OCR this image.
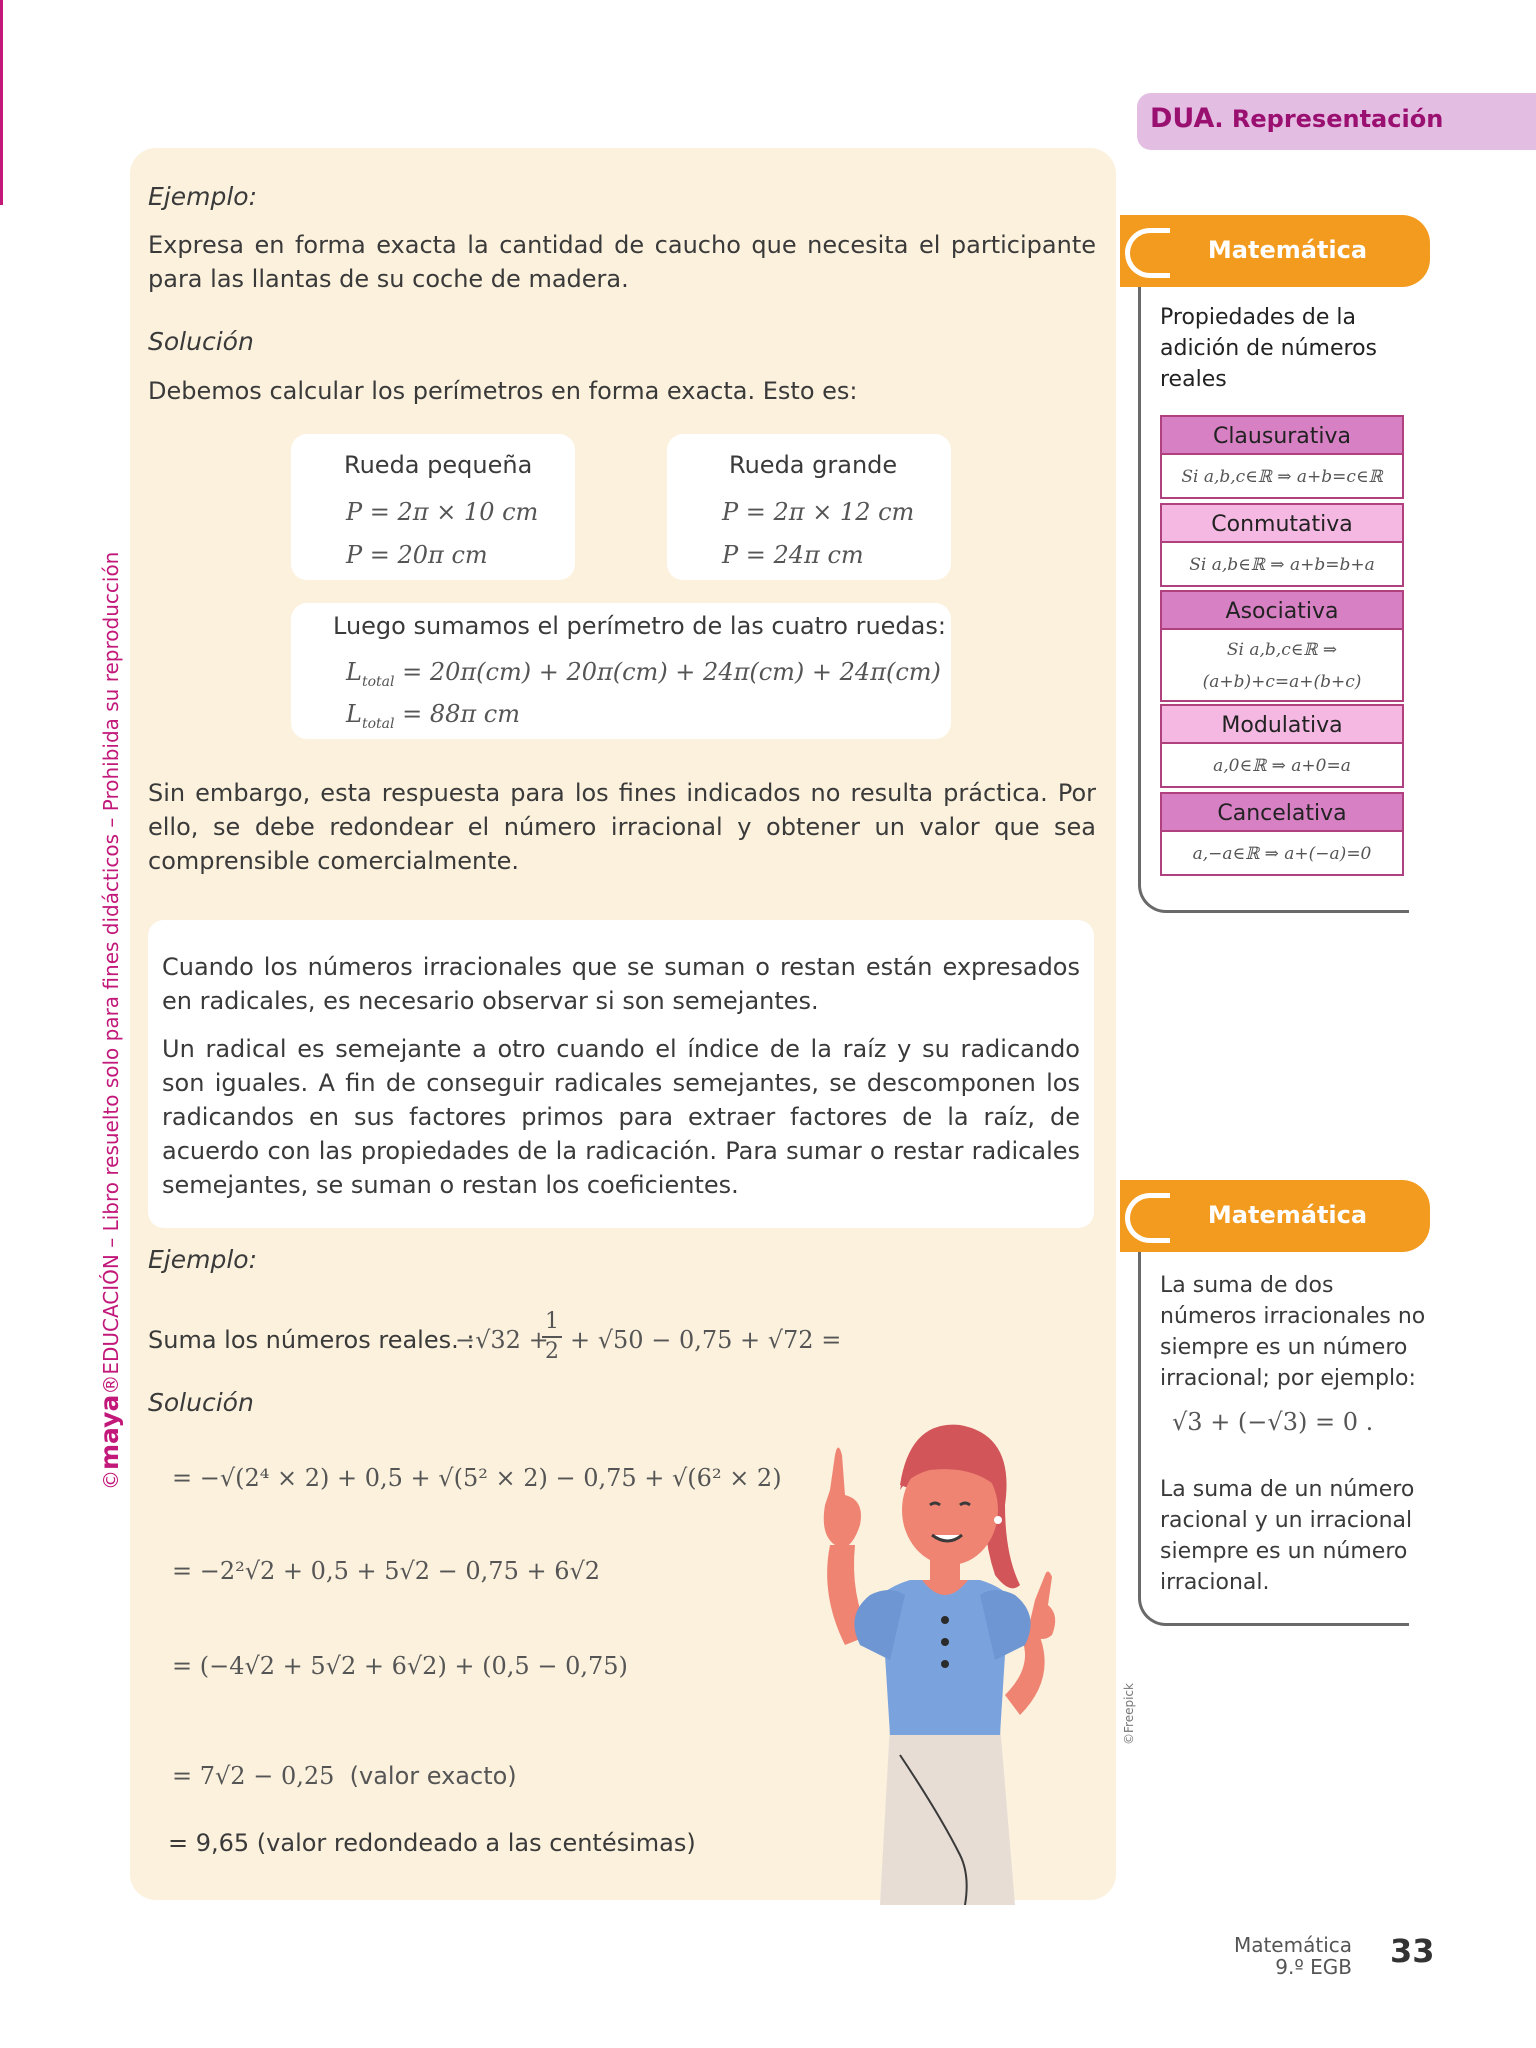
©maya®EDUCACIÓN – Libro resuelto solo para fines didácticos – Prohibida su reproducción
DUA. Representación
Ejemplo:
Expresa en forma exacta la cantidad de caucho que necesita el participante para las llantas de su coche de madera.
Solución
Debemos calcular los perímetros en forma exacta. Esto es:
Rueda pequeña
P = 2π × 10 cm
P = 20π cm
Rueda grande
P = 2π × 12 cm
P = 24π cm
Luego sumamos el perímetro de las cuatro ruedas:
$L_{total} = 20\pi(cm) + 20\pi(cm) + 24\pi(cm) + 24\pi(cm)$
$L_{total} = 88\pi$ cm
Sin embargo, esta respuesta para los fines indicados no resulta práctica. Por ello, se debe redondear el número irracional y obtener un valor que sea comprensible comercialmente.
Cuando los números irracionales que se suman o restan están expresados en radicales, es necesario observar si son semejantes.
Un radical es semejante a otro cuando el índice de la raíz y su radicando son iguales. A fin de conseguir radicales semejantes, se descomponen los radicandos en sus factores primos para extraer factores de la raíz, de acuerdo con las propiedades de la radicación. Para sumar o restar radicales semejantes, se suman o restan los coeficientes.
Ejemplo:
Suma los números reales. :
−√32 +
$\frac{1}{2} + √50 - 0,75 + √72$ =
Solución
= −√(2⁴ × 2) + 0,5 + √(5² × 2) − 0,75 + √(6² × 2)
= −2²√2 + 0,5 + 5√2 − 0,75 + 6√2
= (−4√2 + 5√2 + 6√2) + (0,5 − 0,75)
= 7√2 − 0,25 (valor exacto)
= 9,65 (valor redondeado a las centésimas)
©Freepick
Matemática
Propiedades de la adición de números reales
Clausurativa
Si a,b,c∈ℝ ⇒ a+b=c∈ℝ
Conmutativa
Si a,b∈ℝ ⇒ a+b=b+a
Asociativa
Si a,b,c∈ℝ ⇒
(a+b)+c=a+(b+c)
Modulativa
a,0∈ℝ ⇒ a+0=a
Cancelativa
a,−a∈ℝ ⇒ a+(−a)=0
Matemática
La suma de dos números irracionales no siempre es un número irracional; por ejemplo:
√3 + (−√3) = 0 .
La suma de un número racional y un irracional siempre es un número irracional.
Matemática
9.º EGB 33
